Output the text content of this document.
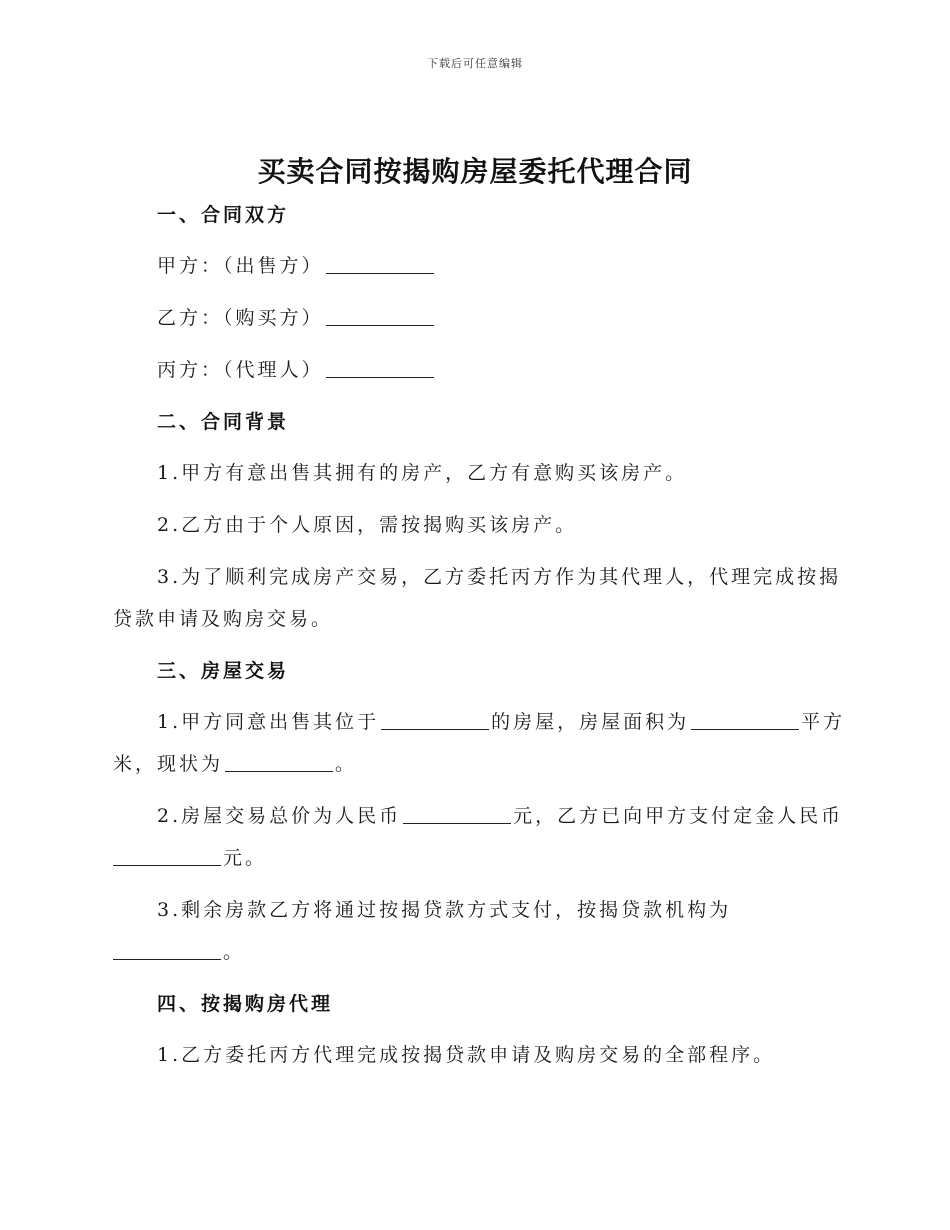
下载后可任意编辑
买卖合同按揭购房屋委托代理合同
一、合同双方
甲方：（出售方）
乙方：（购买方）
丙方：（代理人）
二、合同背景
1.甲方有意出售其拥有的房产，乙方有意购买该房产。
2.乙方由于个人原因，需按揭购买该房产。
3.为了顺利完成房产交易，乙方委托丙方作为其代理人，代理完成按揭
贷款申请及购房交易。
三、房屋交易
1.甲方同意出售其位于	的房屋，房屋面积为	平方
米，现状为	。
2.房屋交易总价为人民币	元，乙方已向甲方支付定金人民币
元。
3.剩余房款乙方将通过按揭贷款方式支付，按揭贷款机构为
。
四、按揭购房代理
1.乙方委托丙方代理完成按揭贷款申请及购房交易的全部程序。
